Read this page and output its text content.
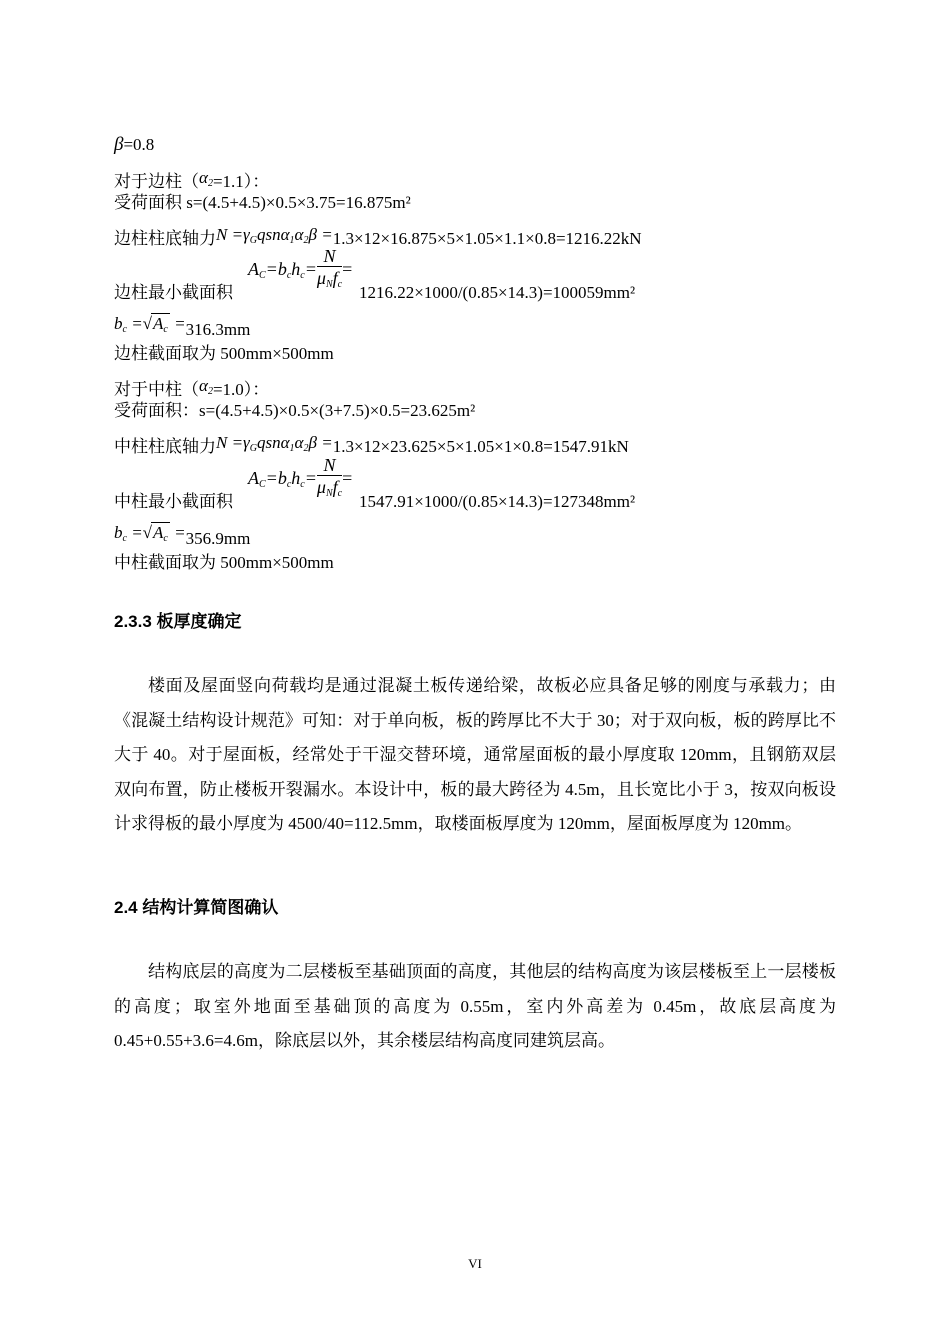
β=0.8
对于边柱$(\alpha_2=1.1)$：
受荷面积 s=(4.5+4.5)×0.5×3.75=16.875m²
边柱柱底轴力$N =\gamma_Gqsn\alpha_1\alpha_2\beta =1.3\times 12\times 16.875\times 5\times 1.05\times 1.1\times 0.8=1216.22kN$
$A_C=b_ch_c= \frac{N}{\mu_Nf_c}$ =
边柱最小截面积	1216.22×1000/(0.85×14.3)=100059mm²
$b_c =√A_c =316.3mm$
边柱截面取为 500mm×500mm
对于中柱$(\alpha_2=1.0)$：
受荷面积：s=(4.5+4.5)×0.5×(3+7.5)×0.5=23.625m²
中柱柱底轴力$N =\gamma_Gqsn\alpha_1\alpha_2\beta =1.3\times 12\times 23.625\times 5\times 1.05\times 1\times 0.8=1547.91kN$
$A_C=b_ch_c= \frac{N}{\mu_Nf_c}$ =
中柱最小截面积	1547.91×1000/(0.85×14.3)=127348mm²
$b_c =√A_c =356.9mm$
中柱截面取为 500mm×500mm
2.3.3 板厚度确定
楼面及屋面竖向荷载均是通过混凝土板传递给梁，故板必应具备足够的刚度与承载力；由《混凝土结构设计规范》可知：对于单向板，板的跨厚比不大于 30；对于双向板，板的跨厚比不大于 40。对于屋面板，经常处于干湿交替环境，通常屋面板的最小厚度取 120mm，且钢筋双层双向布置，防止楼板开裂漏水。本设计中，板的最大跨径为 4.5m，且长宽比小于 3，按双向板设计求得板的最小厚度为 4500/40=112.5mm，取楼面板厚度为 120mm，屋面板厚度为 120mm。
2.4 结构计算简图确认
结构底层的高度为二层楼板至基础顶面的高度，其他层的结构高度为该层楼板至上一层楼板的高度；取室外地面至基础顶的高度为 0.55m，室内外高差为 0.45m，故底层高度为 0.45+0.55+3.6=4.6m，除底层以外，其余楼层结构高度同建筑层高。
VI
